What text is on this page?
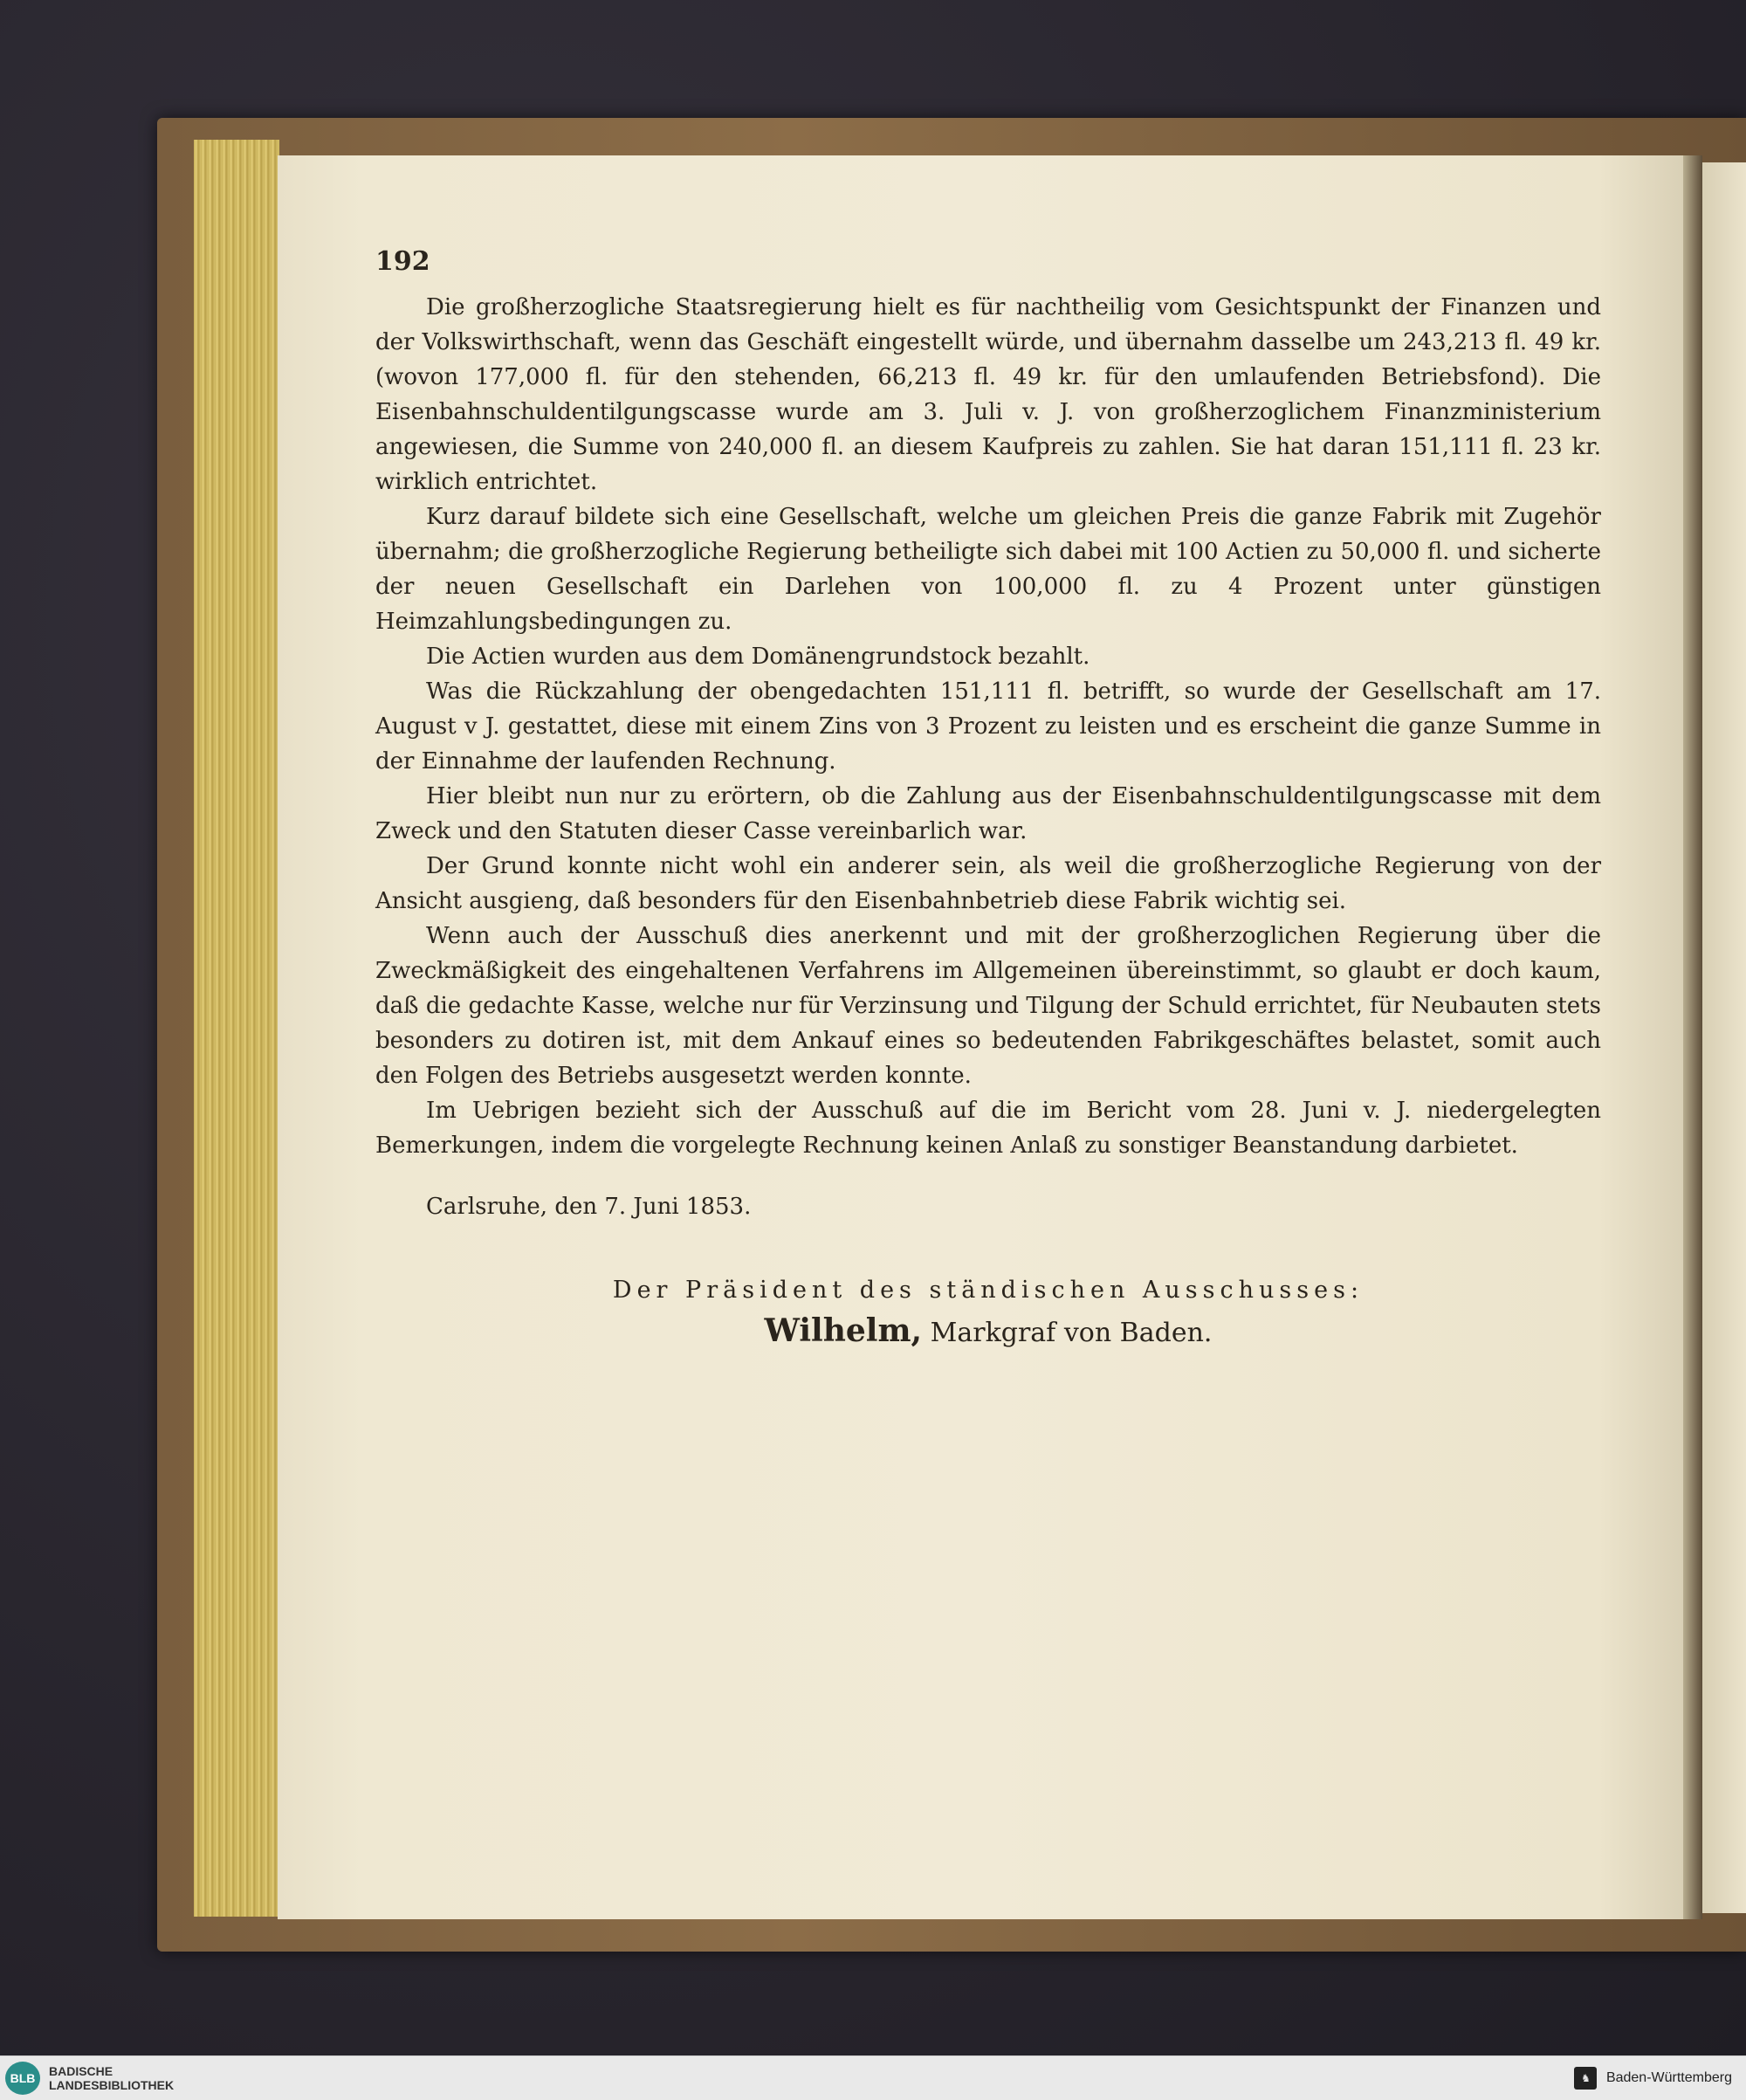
192

Die großherzogliche Staatsregierung hielt es für nachtheilig vom Gesichtspunkt der Finanzen und der Volkswirthschaft, wenn das Geschäft eingestellt würde, und übernahm dasselbe um 243,213 fl. 49 kr. (wovon 177,000 fl. für den stehenden, 66,213 fl. 49 kr. für den umlaufenden Betriebsfond). Die Eisenbahnschuldentilgungscasse wurde am 3. Juli v. J. von großherzoglichem Finanzministerium angewiesen, die Summe von 240,000 fl. an diesem Kaufpreis zu zahlen. Sie hat daran 151,111 fl. 23 kr. wirklich entrichtet.

Kurz darauf bildete sich eine Gesellschaft, welche um gleichen Preis die ganze Fabrik mit Zugehör übernahm; die großherzogliche Regierung betheiligte sich dabei mit 100 Actien zu 50,000 fl. und sicherte der neuen Gesellschaft ein Darlehen von 100,000 fl. zu 4 Prozent unter günstigen Heimzahlungsbedingungen zu.

Die Actien wurden aus dem Domänengrundstock bezahlt.

Was die Rückzahlung der obengedachten 151,111 fl. betrifft, so wurde der Gesellschaft am 17. August v J. gestattet, diese mit einem Zins von 3 Prozent zu leisten und es erscheint die ganze Summe in der Einnahme der laufenden Rechnung.

Hier bleibt nun nur zu erörtern, ob die Zahlung aus der Eisenbahnschuldentilgungscasse mit dem Zweck und den Statuten dieser Casse vereinbarlich war.

Der Grund konnte nicht wohl ein anderer sein, als weil die großherzogliche Regierung von der Ansicht ausgieng, daß besonders für den Eisenbahnbetrieb diese Fabrik wichtig sei.

Wenn auch der Ausschuß dies anerkennt und mit der großherzoglichen Regierung über die Zweckmäßigkeit des eingehaltenen Verfahrens im Allgemeinen übereinstimmt, so glaubt er doch kaum, daß die gedachte Kasse, welche nur für Verzinsung und Tilgung der Schuld errichtet, für Neubauten stets besonders zu dotiren ist, mit dem Ankauf eines so bedeutenden Fabrikgeschäftes belastet, somit auch den Folgen des Betriebs ausgesetzt werden konnte.

Im Uebrigen bezieht sich der Ausschuß auf die im Bericht vom 28. Juni v. J. niedergelegten Bemerkungen, indem die vorgelegte Rechnung keinen Anlaß zu sonstiger Beanstandung darbietet.

Carlsruhe, den 7. Juni 1853.

Der Präsident des ständischen Ausschusses:
Wilhelm, Markgraf von Baden.
BLB	BADISCHE
LANDESBIBLIOTHEK
♞ Baden-Württemberg
